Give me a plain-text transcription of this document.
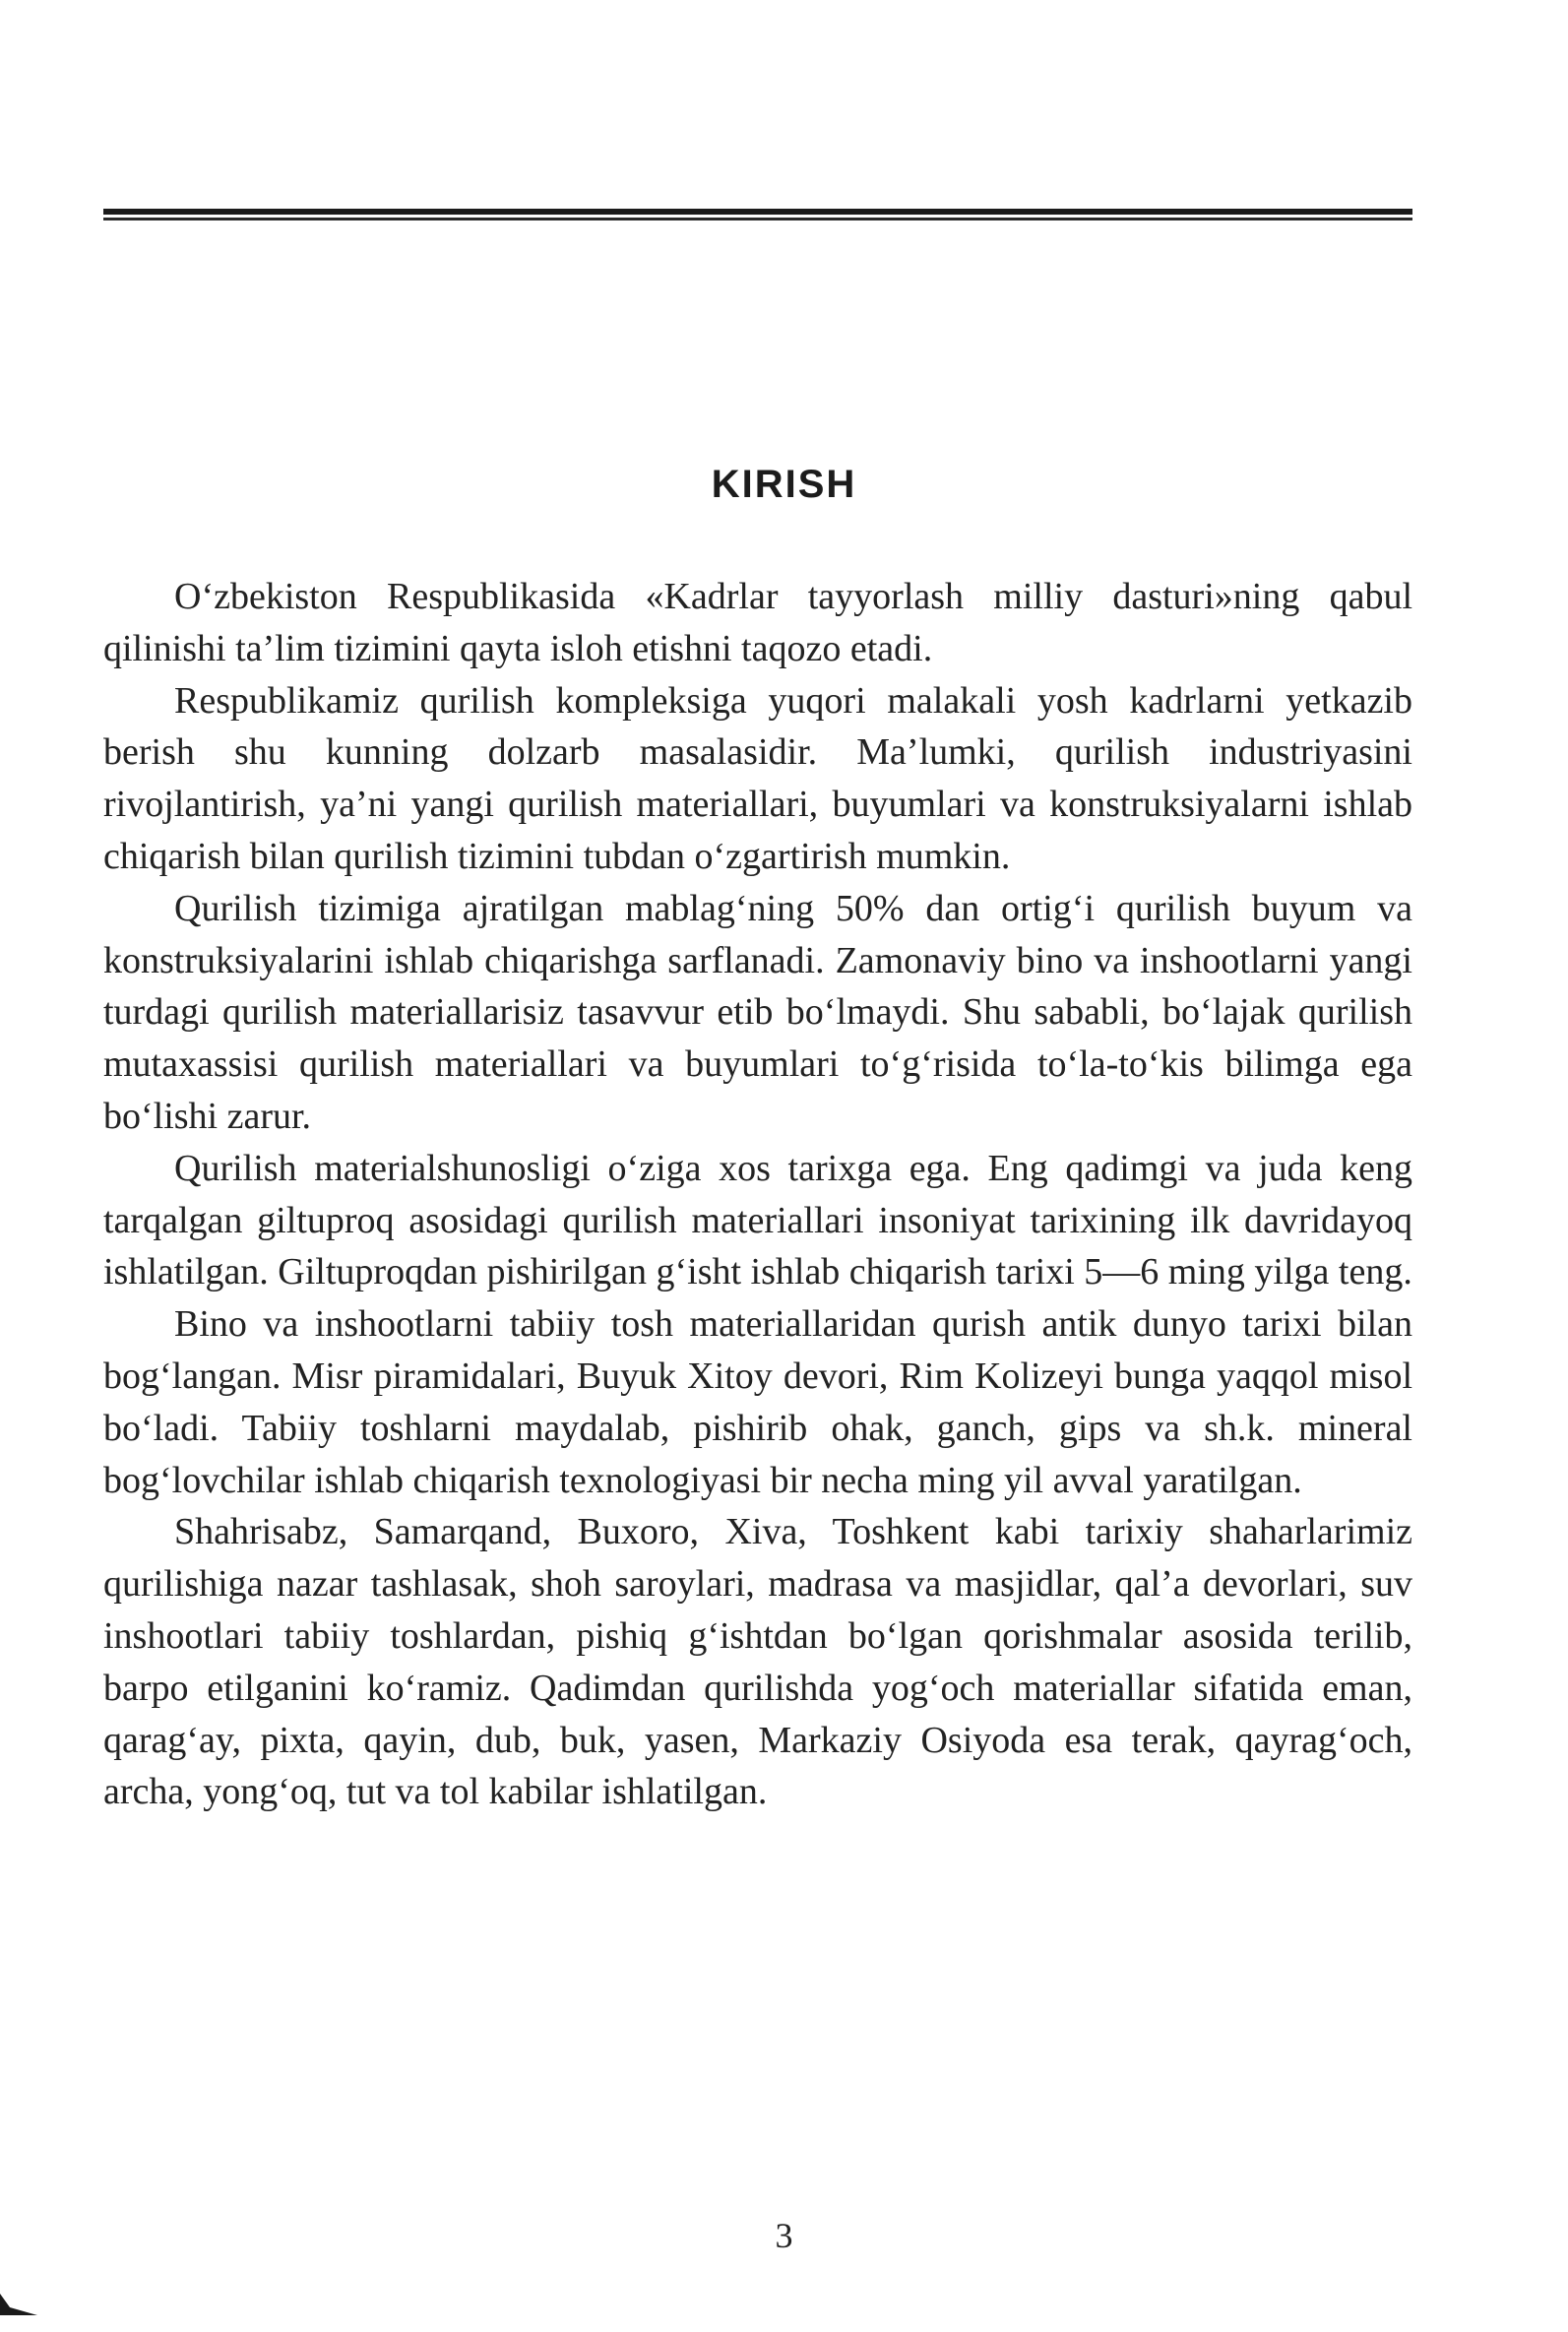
KIRISH

O‘zbekiston Respublikasida «Kadrlar tayyorlash milliy dasturi»ning qabul qilinishi ta’lim tizimini qayta isloh etishni taqozo etadi.

Respublikamiz qurilish kompleksiga yuqori malakali yosh kadrlarni yetkazib berish shu kunning dolzarb masalasidir. Ma’lumki, qurilish industriyasini rivojlantirish, ya’ni yangi qurilish materiallari, buyumlari va konstruksiyalarni ishlab chiqarish bilan qurilish tizimini tubdan o‘zgartirish mumkin.

Qurilish tizimiga ajratilgan mablag‘ning 50% dan ortig‘i qurilish buyum va konstruksiyalarini ishlab chiqarishga sarflanadi. Zamonaviy bino va inshootlarni yangi turdagi qurilish materiallarisiz tasavvur etib bo‘lmaydi. Shu sababli, bo‘lajak qurilish mutaxassisi qurilish materiallari va buyumlari to‘g‘risida to‘la-to‘kis bilimga ega bo‘lishi zarur.

Qurilish materialshunosligi o‘ziga xos tarixga ega. Eng qadimgi va juda keng tarqalgan giltuproq asosidagi qurilish materiallari insoniyat tarixining ilk davridayoq ishlatilgan. Giltuproqdan pishirilgan g‘isht ishlab chiqarish tarixi 5—6 ming yilga teng.

Bino va inshootlarni tabiiy tosh materiallaridan qurish antik dunyo tarixi bilan bog‘langan. Misr piramidalari, Buyuk Xitoy devori, Rim Kolizeyi bunga yaqqol misol bo‘ladi. Tabiiy toshlarni maydalab, pishirib ohak, ganch, gips va sh.k. mineral bog‘lovchilar ishlab chiqarish texnologiyasi bir necha ming yil avval yaratilgan.

Shahrisabz, Samarqand, Buxoro, Xiva, Toshkent kabi tarixiy shaharlarimiz qurilishiga nazar tashlasak, shoh saroylari, madrasa va masjidlar, qal’a devorlari, suv inshootlari tabiiy toshlardan, pishiq g‘ishtdan bo‘lgan qorishmalar asosida terilib, barpo etilganini ko‘ramiz. Qadimdan qurilishda yog‘och materiallar sifatida eman, qarag‘ay, pixta, qayin, dub, buk, yasen, Markaziy Osiyoda esa terak, qayrag‘och, archa, yong‘oq, tut va tol kabilar ishlatilgan.

3
